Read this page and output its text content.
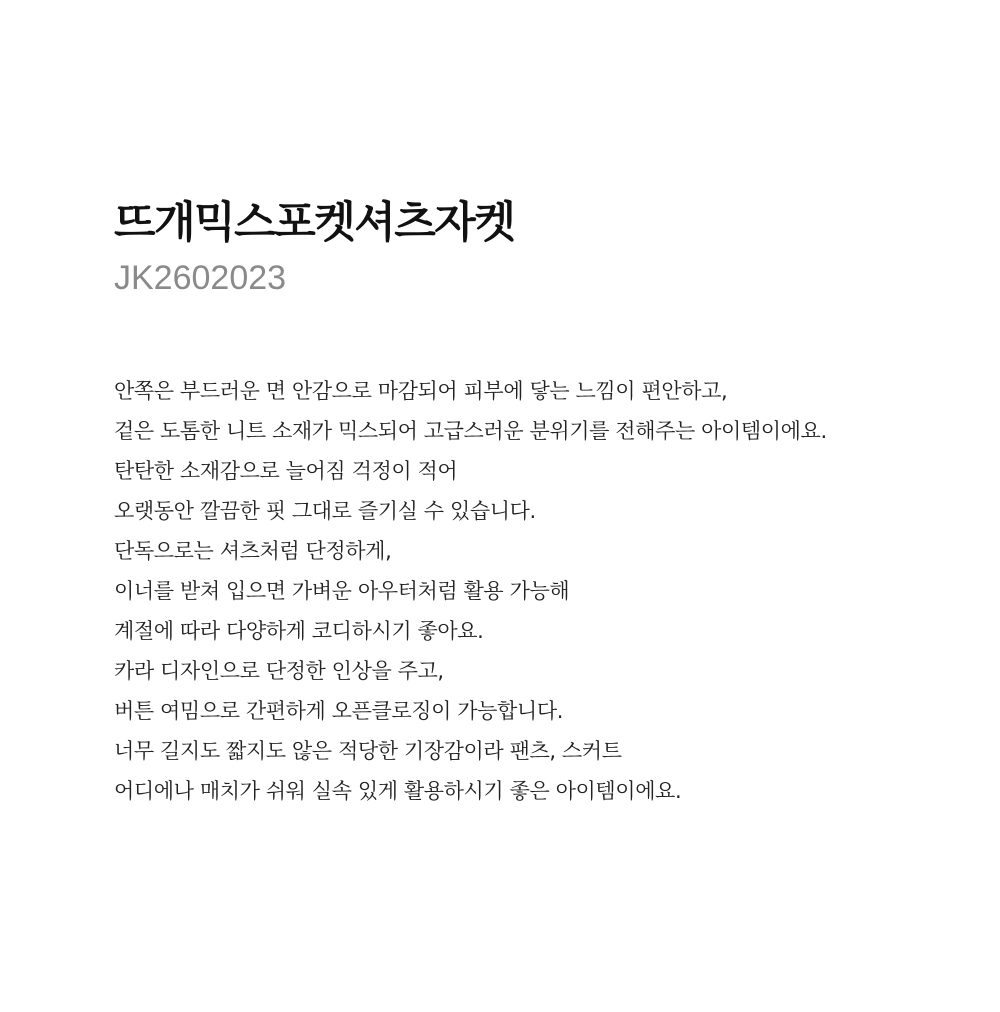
뜨개믹스포켓셔츠자켓

JK2602023

안쪽은 부드러운 면 안감으로 마감되어 피부에 닿는 느낌이 편안하고,
겉은 도톰한 니트 소재가 믹스되어 고급스러운 분위기를 전해주는 아이템이에요.
탄탄한 소재감으로 늘어짐 걱정이 적어
오랫동안 깔끔한 핏 그대로 즐기실 수 있습니다.
단독으로는 셔츠처럼 단정하게,
이너를 받쳐 입으면 가벼운 아우터처럼 활용 가능해
계절에 따라 다양하게 코디하시기 좋아요.
카라 디자인으로 단정한 인상을 주고,
버튼 여밈으로 간편하게 오픈클로징이 가능합니다.
너무 길지도 짧지도 않은 적당한 기장감이라 팬츠, 스커트
어디에나 매치가 쉬워 실속 있게 활용하시기 좋은 아이템이에요.
